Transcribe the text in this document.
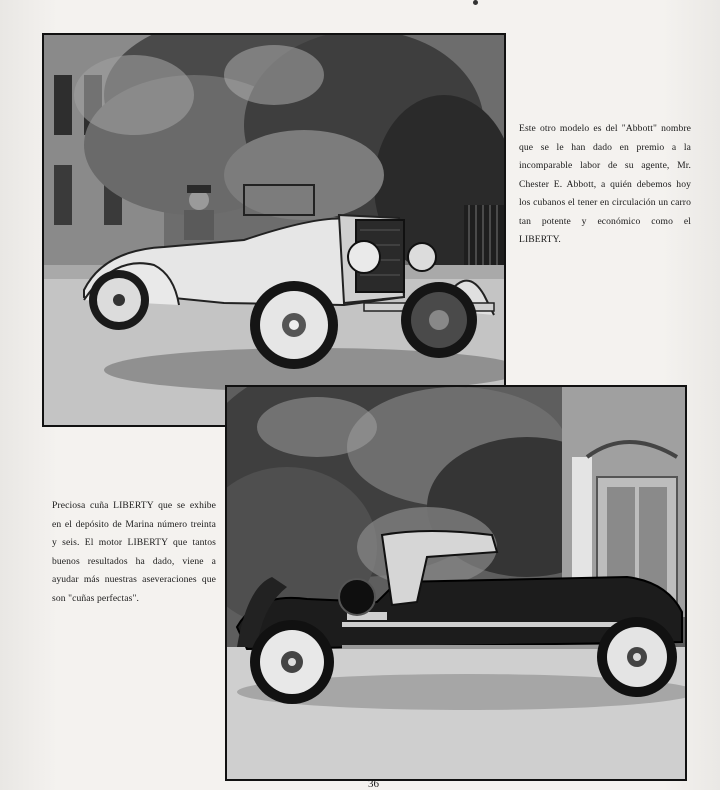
Este otro modelo es del "Abbott" nombre que se le han dado en premio a la incomparable labor de su agente, Mr. Chester E. Abbott, a quién debemos hoy los cubanos el tener en circulación un carro tan potente y económico como el LIBERTY.
Preciosa cuña LIBERTY que se exhibe en el depósito de Marina número treinta y seis. El motor LIBERTY que tantos buenos resultados ha dado, viene a ayudar más nuestras aseveraciones que son "cuñas perfectas".
36
